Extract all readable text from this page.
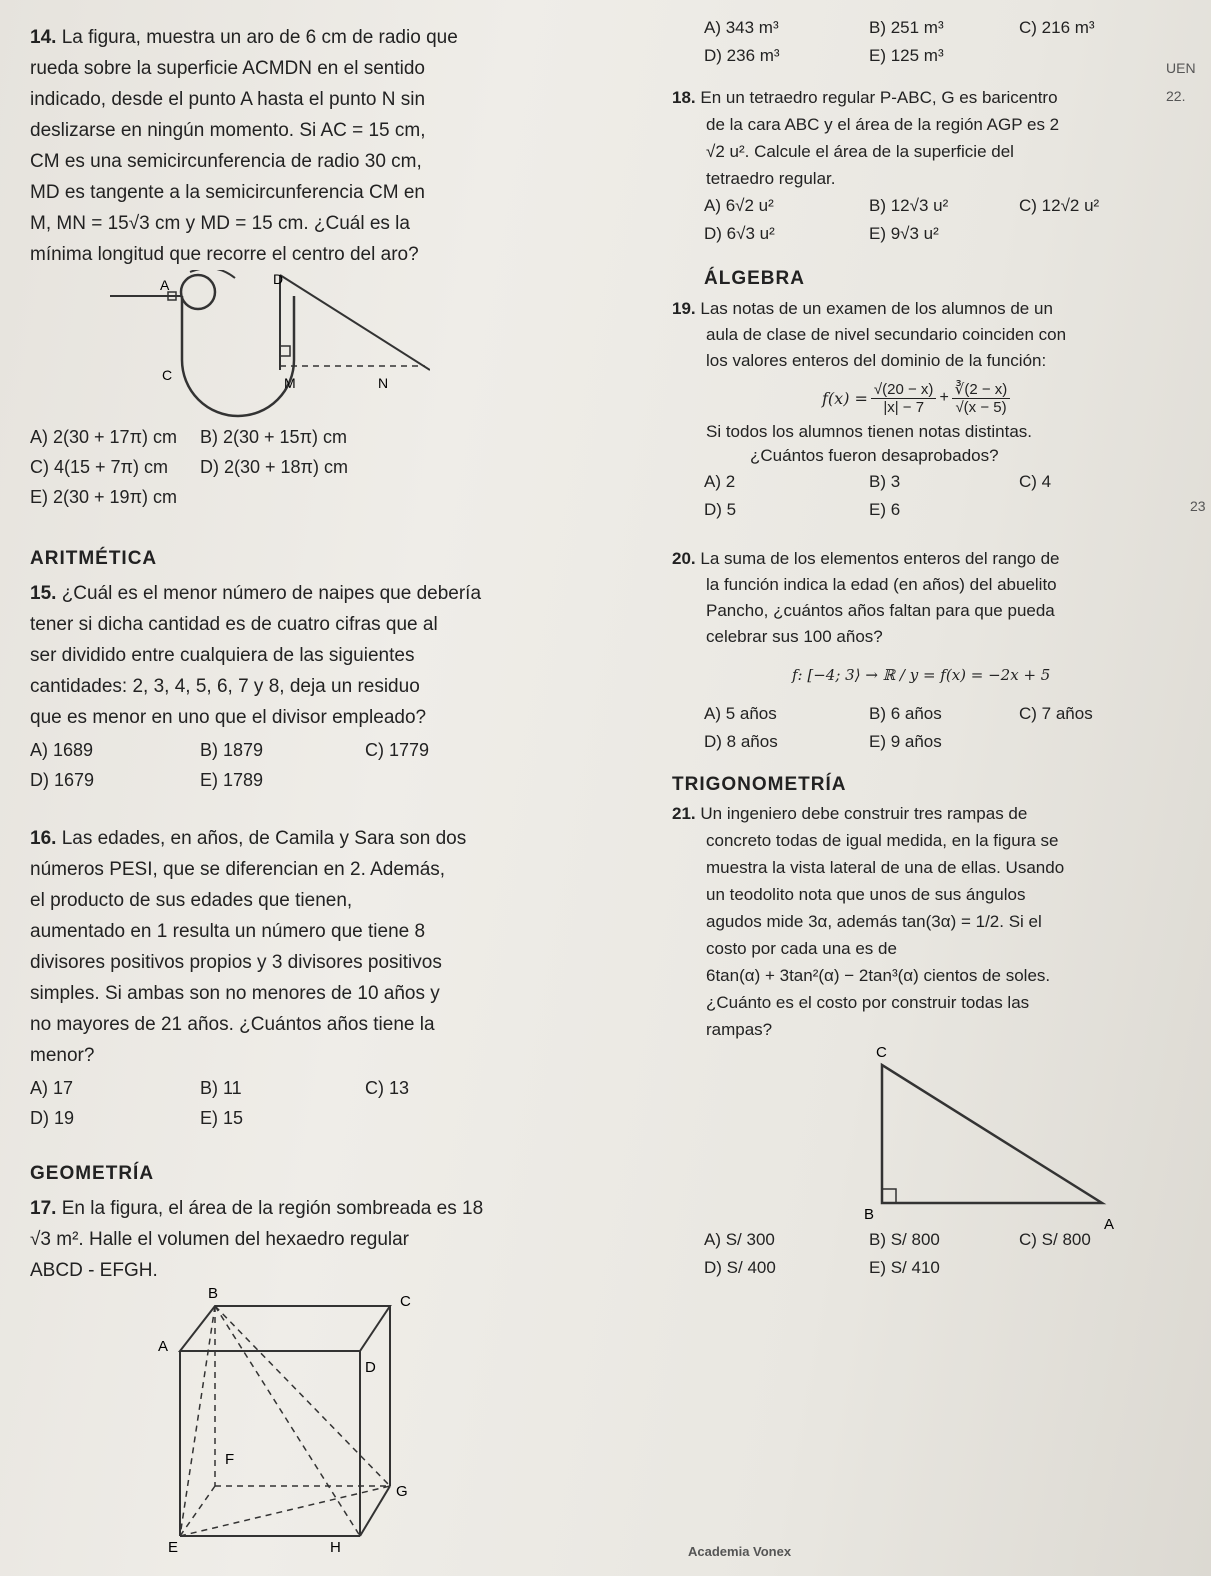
14. La figura, muestra un aro de 6 cm de radio que
rueda sobre la superficie ACMDN en el sentido
indicado, desde el punto A hasta el punto N sin
deslizarse en ningún momento. Si AC = 15 cm,
CM es una semicircunferencia de radio 30 cm,
MD es tangente a la semicircunferencia CM en
M, MN = 15√3 cm y MD = 15 cm. ¿Cuál es la
mínima longitud que recorre el centro del aro?
A	D
C	M	N
A) 2(30 + 17π) cm	B) 2(30 + 15π) cm
C) 4(15 + 7π) cm	D) 2(30 + 18π) cm
E) 2(30 + 19π) cm
ARITMÉTICA
15. ¿Cuál es el menor número de naipes que debería
tener si dicha cantidad es de cuatro cifras que al
ser dividido entre cualquiera de las siguientes
cantidades: 2, 3, 4, 5, 6, 7 y 8, deja un residuo
que es menor en uno que el divisor empleado?
A) 1689	B) 1879	C) 1779
D) 1679	E) 1789
16. Las edades, en años, de Camila y Sara son dos
números PESI, que se diferencian en 2. Además,
el producto de sus edades que tienen,
aumentado en 1 resulta un número que tiene 8
divisores positivos propios y 3 divisores positivos
simples. Si ambas son no menores de 10 años y
no mayores de 21 años. ¿Cuántos años tiene la
menor?
A) 17	B) 11	C) 13
D) 19	E) 15
GEOMETRÍA
17. En la figura, el área de la región sombreada es 18
√3 m². Halle el volumen del hexaedro regular
ABCD - EFGH.
B	C
A
D
F
G
E	H
A) 343 m³	B) 251 m³	C) 216 m³
D) 236 m³	E) 125 m³
18. En un tetraedro regular P-ABC, G es baricentro
de la cara ABC y el área de la región AGP es 2
√2 u². Calcule el área de la superficie del
tetraedro regular.
A) 6√2 u²	B) 12√3 u²	C) 12√2 u²
D) 6√3 u²	E) 9√3 u²
ÁLGEBRA
19. Las notas de un examen de los alumnos de un
aula de clase de nivel secundario coinciden con
los valores enteros del dominio de la función:
$f(x) = \frac{√(20 - x)}{|x| - 7} + \frac{∛(2 - x)}{√(x - 5)}$
Si todos los alumnos tienen notas distintas.
¿Cuántos fueron desaprobados?
A) 2	B) 3	C) 4
D) 5	E) 6
20. La suma de los elementos enteros del rango de
la función indica la edad (en años) del abuelito
Pancho, ¿cuántos años faltan para que pueda
celebrar sus 100 años?
f: [−4; 3⟩ → ℝ / y = f(x) = −2x + 5
A) 5 años	B) 6 años	C) 7 años
D) 8 años	E) 9 años
TRIGONOMETRÍA
21. Un ingeniero debe construir tres rampas de
concreto todas de igual medida, en la figura se
muestra la vista lateral de una de ellas. Usando
un teodolito nota que unos de sus ángulos
agudos mide 3α, además tan(3α) = 1/2. Si el
costo por cada una es de
6tan(α) + 3tan²(α) − 2tan³(α) cientos de soles.
¿Cuánto es el costo por construir todas las
rampas?
C
B
A
A) S/ 300	B) S/ 800	C) S/ 800
D) S/ 400	E) S/ 410
UEN
22.
23
Academia Vonex
